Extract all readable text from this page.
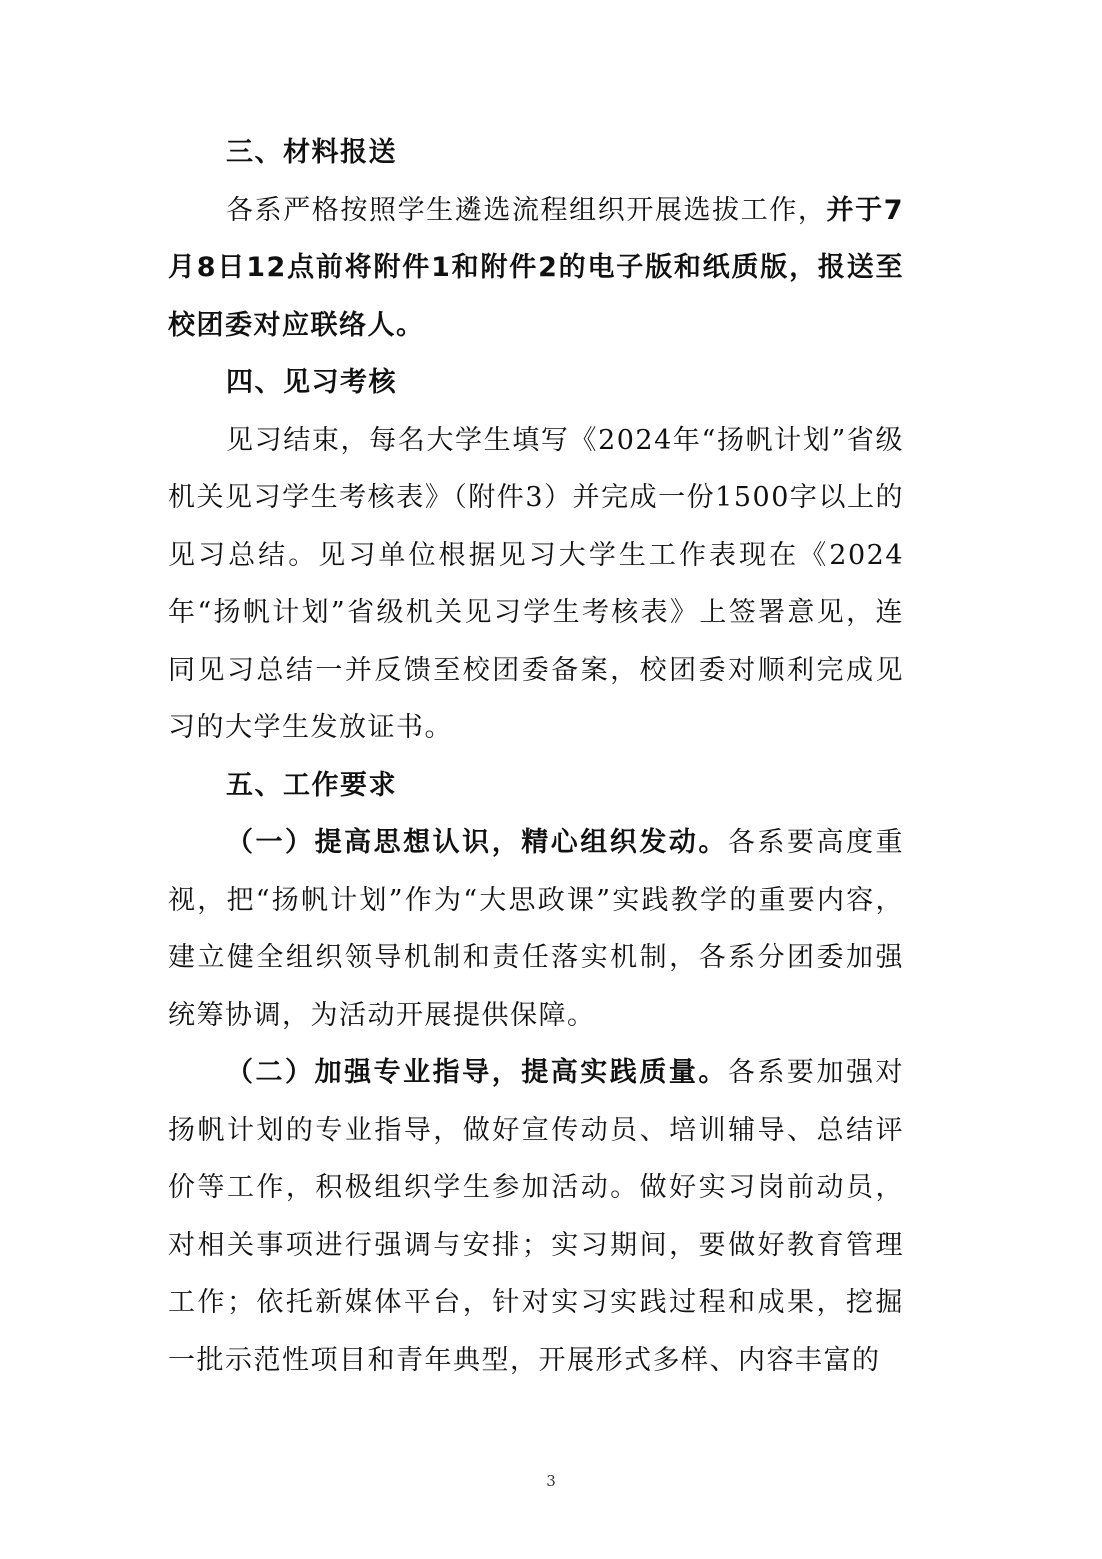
三、材料报送

各系严格按照学生遴选流程组织开展选拔工作，并于7月8日12点前将附件1和附件2的电子版和纸质版，报送至校团委对应联络人。

四、见习考核

见习结束，每名大学生填写《2024年“扬帆计划”省级机关见习学生考核表》（附件3）并完成一份1500字以上的见习总结。见习单位根据见习大学生工作表现在《2024年“扬帆计划”省级机关见习学生考核表》上签署意见，连同见习总结一并反馈至校团委备案，校团委对顺利完成见习的大学生发放证书。

五、工作要求

（一）提高思想认识，精心组织发动。各系要高度重视，把“扬帆计划”作为“大思政课”实践教学的重要内容，建立健全组织领导机制和责任落实机制，各系分团委加强统筹协调，为活动开展提供保障。

（二）加强专业指导，提高实践质量。各系要加强对扬帆计划的专业指导，做好宣传动员、培训辅导、总结评价等工作，积极组织学生参加活动。做好实习岗前动员，对相关事项进行强调与安排；实习期间，要做好教育管理工作；依托新媒体平台，针对实习实践过程和成果，挖掘一批示范性项目和青年典型，开展形式多样、内容丰富的

3
